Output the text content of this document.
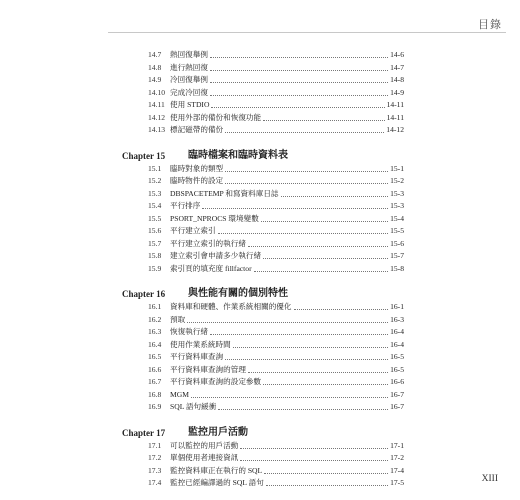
目錄
14.7	熱回復舉例	14-6
14.8	進行熱回復	14-7
14.9	冷回復舉例	14-8
14.10 完成冷回復	14-9
14.11 使用 STDIO	14-11
14.12 使用外部的備份和恢復功能	14-11
14.13 標記磁帶的備份	14-12
Chapter 15	臨時檔案和臨時資料表
15.1	臨時對象的類型	15-1
15.2	臨時物件的設定	15-2
15.3	DBSPACETEMP 和寫資料庫日誌	15-3
15.4	平行排序	15-3
15.5	PSORT_NPROCS 環境變數	15-4
15.6	平行建立索引	15-5
15.7	平行建立索引的執行緒	15-6
15.8	建立索引會申請多少執行緒	15-7
15.9	索引頁的填充度 fillfactor	15-8
Chapter 16	與性能有關的個別特性
16.1	資料庫和硬體、作業系統相關的優化	16-1
16.2	預取	16-3
16.3	恢復執行緒	16-4
16.4	使用作業系統時間	16-4
16.5	平行資料庫查詢	16-5
16.6	平行資料庫查詢的管理	16-5
16.7	平行資料庫查詢的設定參數	16-6
16.8	MGM	16-7
16.9	SQL 語句緩衝	16-7
Chapter 17	監控用戶活動
17.1	可以監控的用戶活動	17-1
17.2	單個使用者連接資訊	17-2
17.3	監控資料庫正在執行的 SQL	17-4
17.4	監控已經編譯過的 SQL 語句	17-5	XIII
